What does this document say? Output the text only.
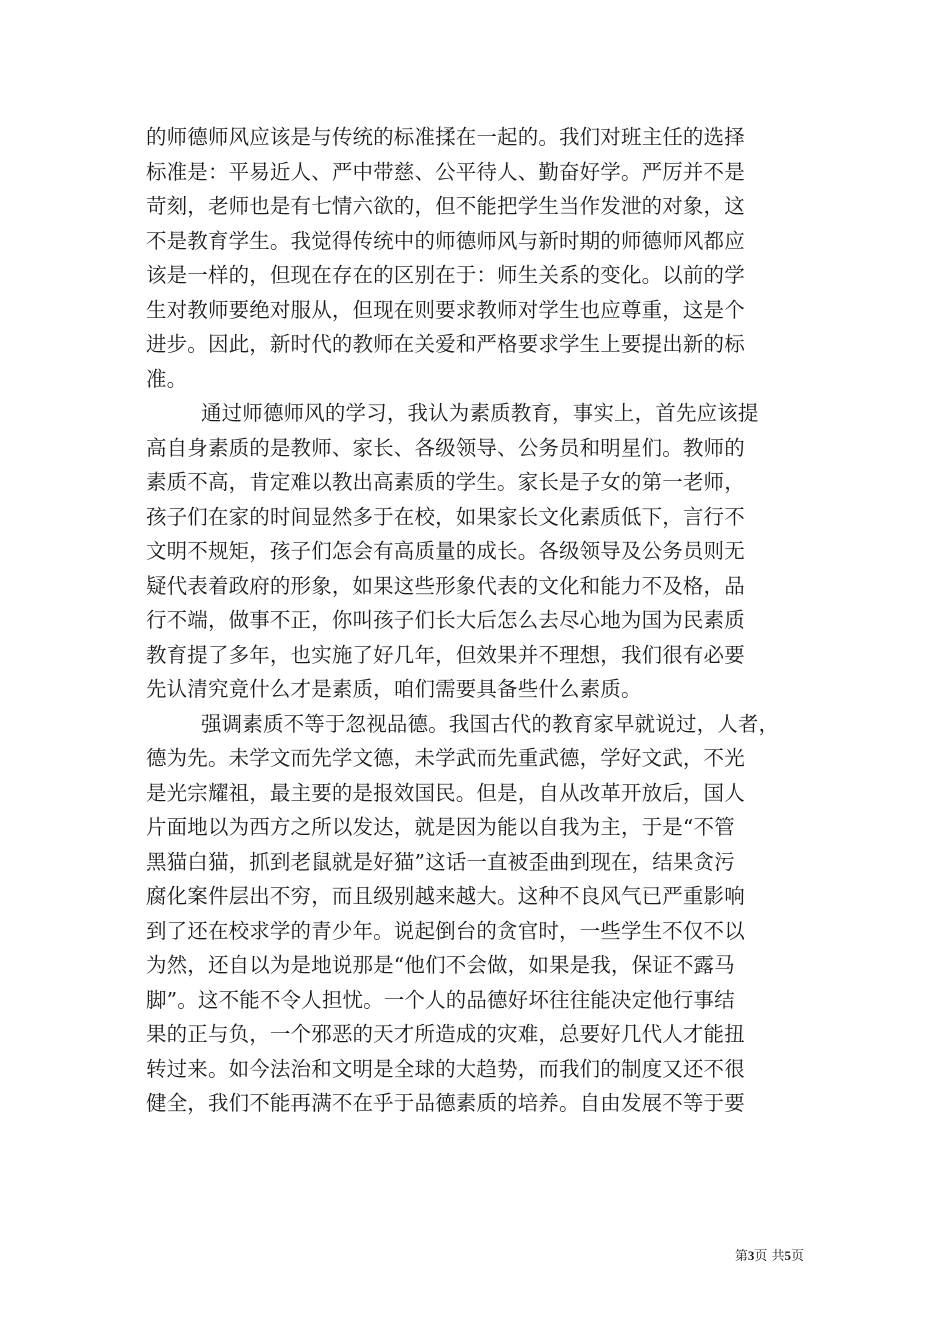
的师德师风应该是与传统的标准揉在一起的。我们对班主任的选择
标准是：平易近人、严中带慈、公平待人、勤奋好学。严厉并不是
苛刻，老师也是有七情六欲的，但不能把学生当作发泄的对象，这
不是教育学生。我觉得传统中的师德师风与新时期的师德师风都应
该是一样的，但现在存在的区别在于：师生关系的变化。以前的学
生对教师要绝对服从，但现在则要求教师对学生也应尊重，这是个
进步。因此，新时代的教师在关爱和严格要求学生上要提出新的标
准。
通过师德师风的学习，我认为素质教育，事实上，首先应该提
高自身素质的是教师、家长、各级领导、公务员和明星们。教师的
素质不高，肯定难以教出高素质的学生。家长是子女的第一老师，
孩子们在家的时间显然多于在校，如果家长文化素质低下，言行不
文明不规矩，孩子们怎会有高质量的成长。各级领导及公务员则无
疑代表着政府的形象，如果这些形象代表的文化和能力不及格，品
行不端，做事不正，你叫孩子们长大后怎么去尽心地为国为民素质
教育提了多年，也实施了好几年，但效果并不理想，我们很有必要
先认清究竟什么才是素质，咱们需要具备些什么素质。
强调素质不等于忽视品德。我国古代的教育家早就说过，人者，
德为先。未学文而先学文德，未学武而先重武德，学好文武，不光
是光宗耀祖，最主要的是报效国民。但是，自从改革开放后，国人
片面地以为西方之所以发达，就是因为能以自我为主，于是“不管
黑猫白猫，抓到老鼠就是好猫”这话一直被歪曲到现在，结果贪污
腐化案件层出不穷，而且级别越来越大。这种不良风气已严重影响
到了还在校求学的青少年。说起倒台的贪官时，一些学生不仅不以
为然，还自以为是地说那是“他们不会做，如果是我，保证不露马
脚”。这不能不令人担忧。一个人的品德好坏往往能决定他行事结
果的正与负，一个邪恶的天才所造成的灾难，总要好几代人才能扭
转过来。如今法治和文明是全球的大趋势，而我们的制度又还不很
健全，我们不能再满不在乎于品德素质的培养。自由发展不等于要
第3页 共5页
